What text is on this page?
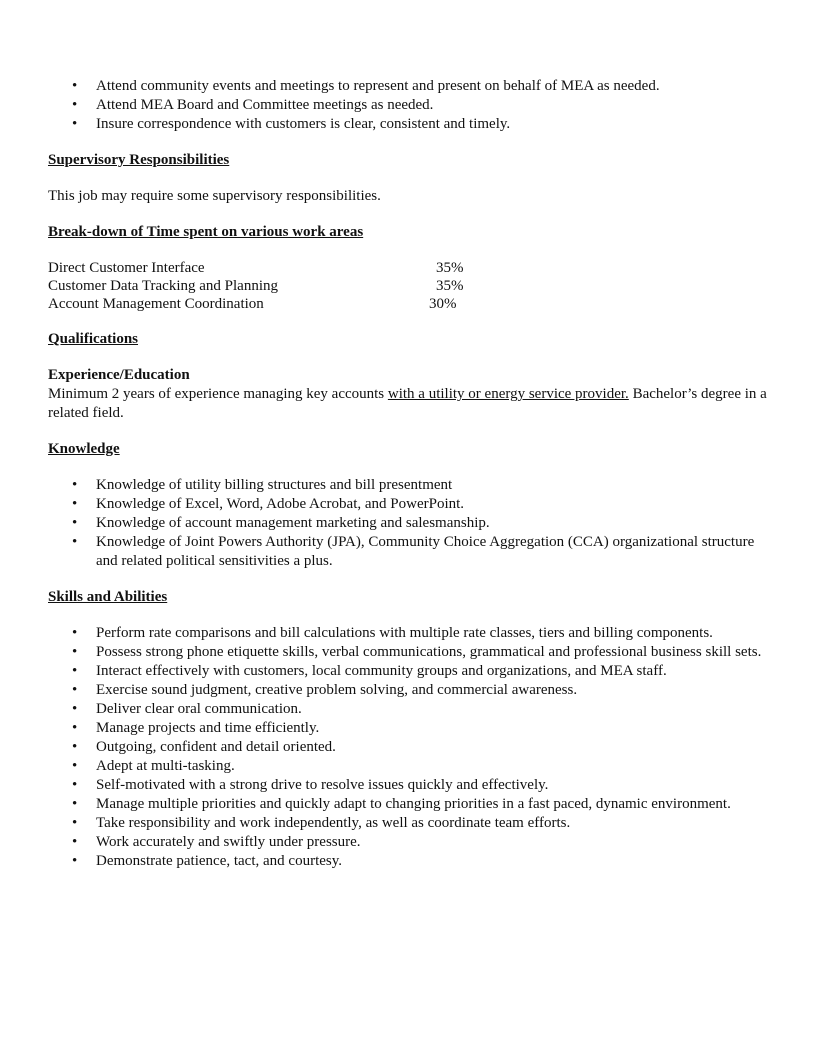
• Attend community events and meetings to represent and present on behalf of MEA as needed.
• Attend MEA Board and Committee meetings as needed.
• Insure correspondence with customers is clear, consistent and timely.

Supervisory Responsibilities

This job may require some supervisory responsibilities.

Break-down of Time spent on various work areas

Direct Customer Interface	35%
Customer Data Tracking and Planning	35%
Account Management Coordination	30%

Qualifications

Experience/Education

Minimum 2 years of experience managing key accounts with a utility or energy service provider. Bachelor’s degree in a related field.

Knowledge

• Knowledge of utility billing structures and bill presentment
• Knowledge of Excel, Word, Adobe Acrobat, and PowerPoint.
• Knowledge of account management marketing and salesmanship.
• Knowledge of Joint Powers Authority (JPA), Community Choice Aggregation (CCA) organizational structure and related political sensitivities a plus.

Skills and Abilities

• Perform rate comparisons and bill calculations with multiple rate classes, tiers and billing components.
• Possess strong phone etiquette skills, verbal communications, grammatical and professional business skill sets.
• Interact effectively with customers, local community groups and organizations, and MEA staff.
• Exercise sound judgment, creative problem solving, and commercial awareness.
• Deliver clear oral communication.
• Manage projects and time efficiently.
• Outgoing, confident and detail oriented.
• Adept at multi-tasking.
• Self-motivated with a strong drive to resolve issues quickly and effectively.
• Manage multiple priorities and quickly adapt to changing priorities in a fast paced, dynamic environment.
• Take responsibility and work independently, as well as coordinate team efforts.
• Work accurately and swiftly under pressure.
• Demonstrate patience, tact, and courtesy.
